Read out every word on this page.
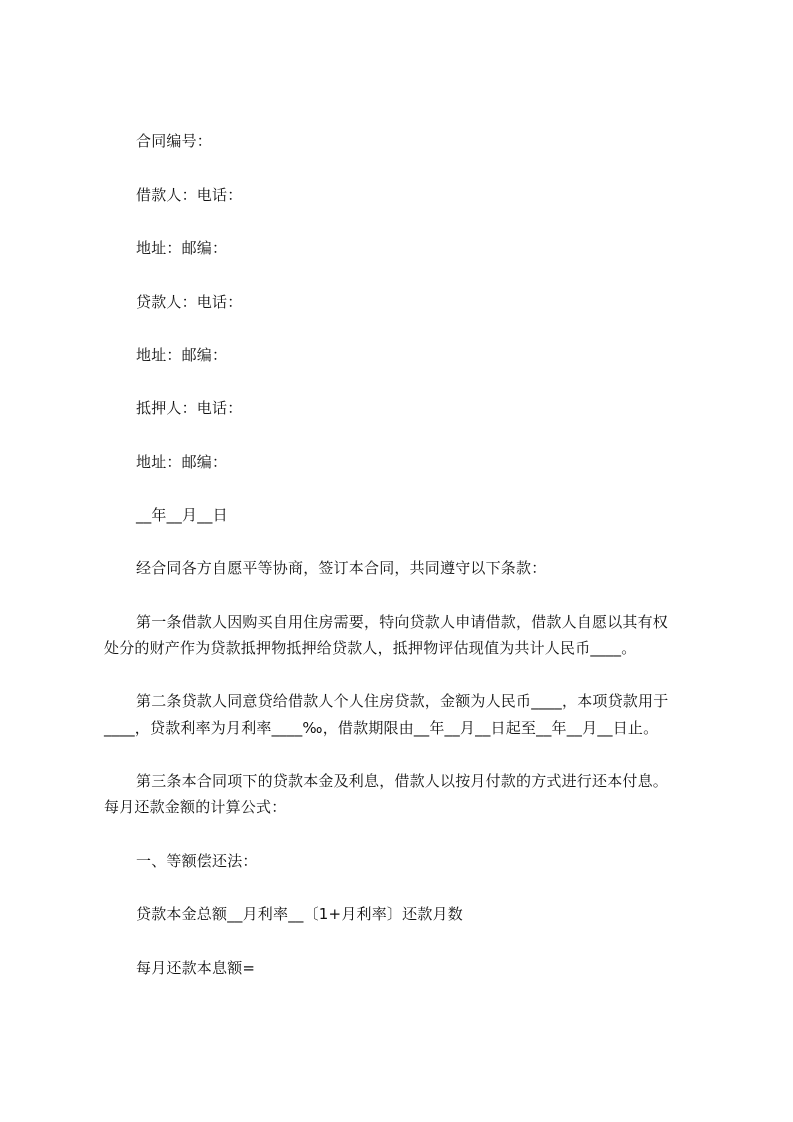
合同编号：
借款人：电话：
地址：邮编：
贷款人：电话：
地址：邮编：
抵押人：电话：
地址：邮编：
__年__月__日
经合同各方自愿平等协商，签订本合同，共同遵守以下条款：
第一条借款人因购买自用住房需要，特向贷款人申请借款，借款人自愿以其有权
处分的财产作为贷款抵押物抵押给贷款人，抵押物评估现值为共计人民币____。
第二条贷款人同意贷给借款人个人住房贷款，金额为人民币____，本项贷款用于
____，贷款利率为月利率____‰，借款期限由__年__月__日起至__年__月__日止。
第三条本合同项下的贷款本金及利息，借款人以按月付款的方式进行还本付息。
每月还款金额的计算公式：
一、等额偿还法：
贷款本金总额__月利率__〔1+月利率〕还款月数
每月还款本息额=
